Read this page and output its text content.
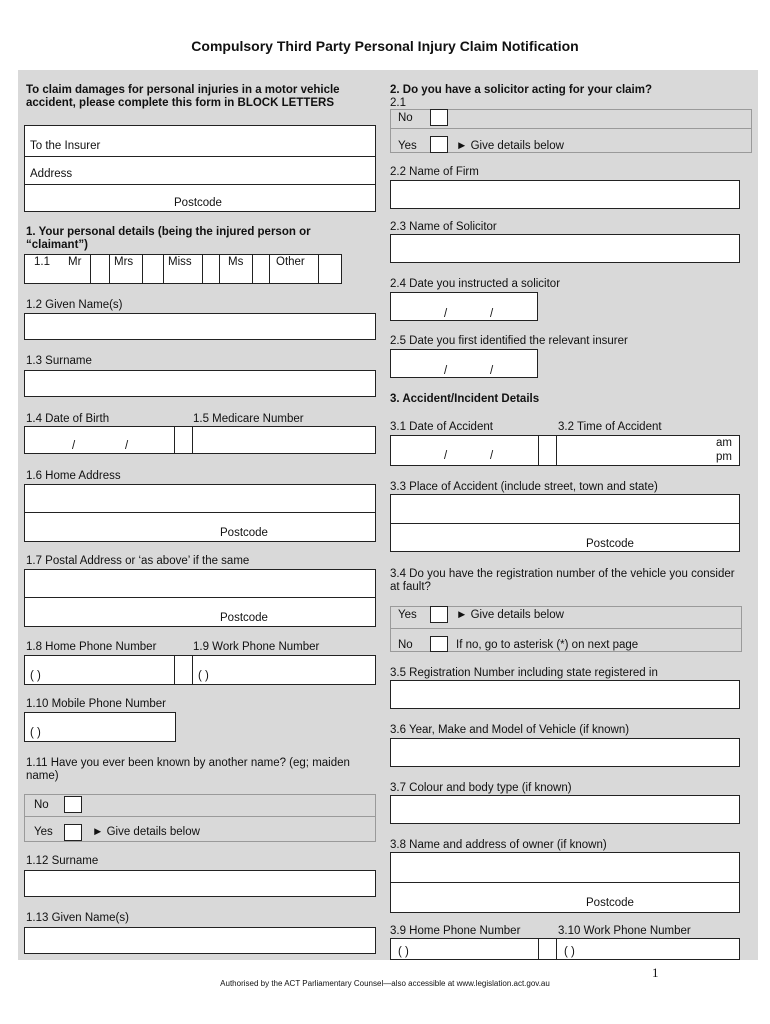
Compulsory Third Party Personal Injury Claim Notification
To claim damages for personal injuries in a motor vehicle accident, please complete this form in BLOCK LETTERS
To the Insurer
Address
Postcode
1. Your personal details (being the injured person or “claimant”)
1.1 Mr	Mrs	Miss	Ms	Other
1.2 Given Name(s)
1.3 Surname
1.4 Date of Birth	1.5 Medicare Number
/	/
1.6 Home Address
Postcode
1.7 Postal Address or ‘as above’ if the same
Postcode
1.8 Home Phone Number	1.9 Work Phone Number
( )	( )
1.10 Mobile Phone Number
( )
1.11 Have you ever been known by another name? (eg; maiden name)
No
Yes	► Give details below
1.12 Surname
1.13 Given Name(s)
2. Do you have a solicitor acting for your claim?
2.1
No
Yes	► Give details below
2.2 Name of Firm
2.3 Name of Solicitor
2.4 Date you instructed a solicitor
/	/
2.5 Date you first identified the relevant insurer
/	/
3. Accident/Incident Details
3.1 Date of Accident	3.2 Time of Accident
/	/
am
pm
3.3 Place of Accident (include street, town and state)
Postcode
3.4 Do you have the registration number of the vehicle you consider at fault?
Yes	► Give details below
No	If no, go to asterisk (*) on next page
3.5 Registration Number including state registered in
3.6 Year, Make and Model of Vehicle (if known)
3.7 Colour and body type (if known)
3.8 Name and address of owner (if known)
Postcode
3.9 Home Phone Number	3.10 Work Phone Number
( )	( )
1
Authorised by the ACT Parliamentary Counsel—also accessible at www.legislation.act.gov.au
